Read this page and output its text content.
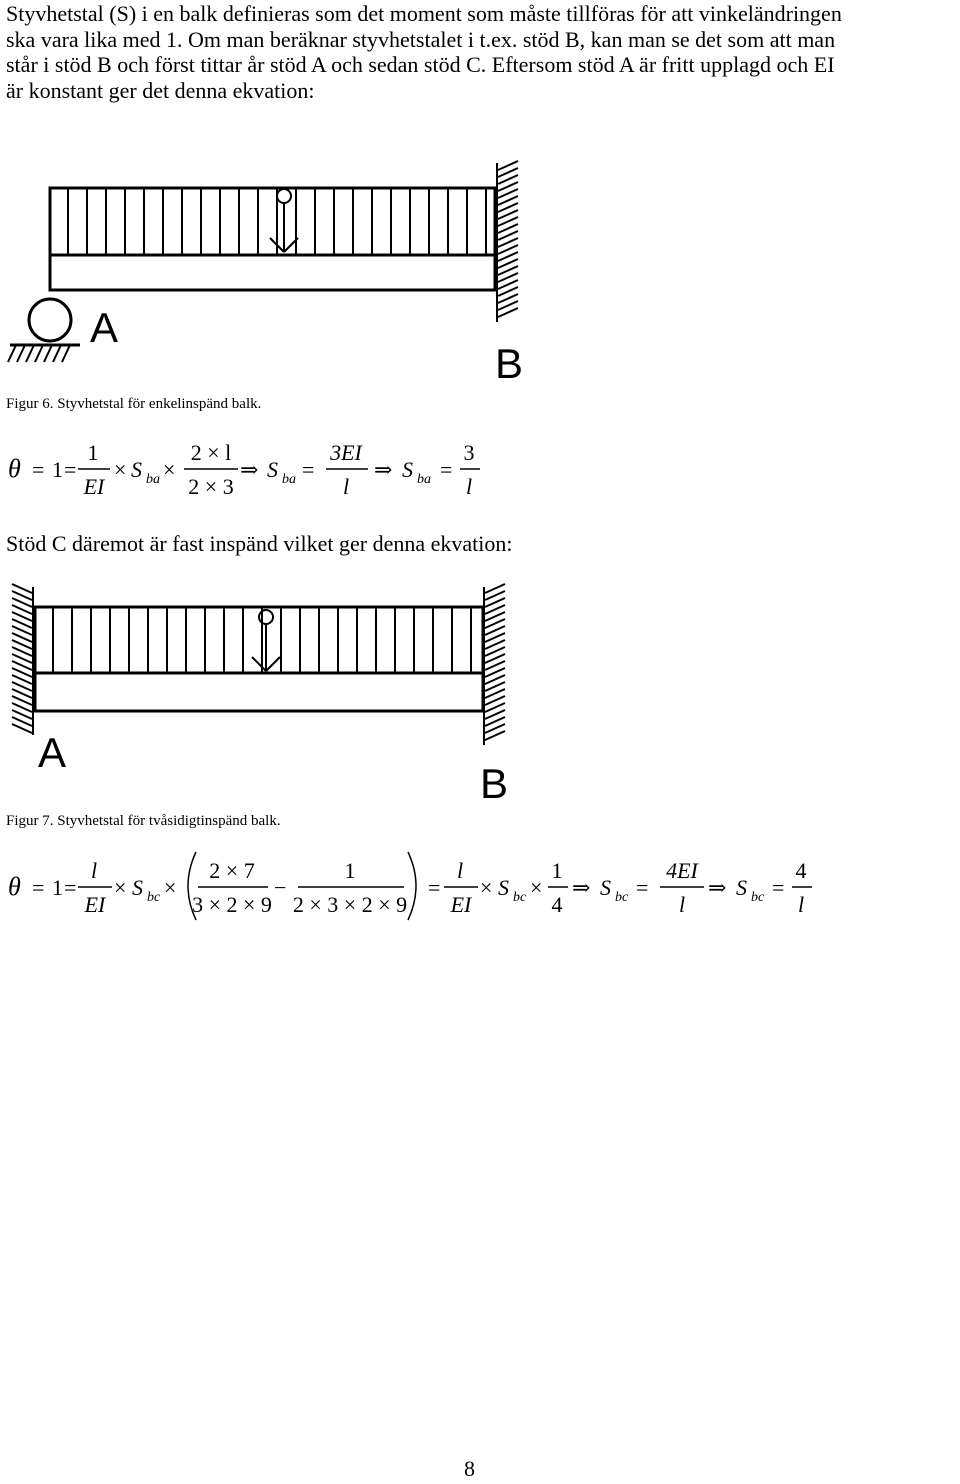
Styvhetstal (S) i en balk definieras som det moment som måste tillföras för att vinkeländringen
ska vara lika med 1. Om man beräknar styvhetstalet i t.ex. stöd B, kan man se det som att man
står i stöd B och först tittar år stöd A och sedan stöd C. Eftersom stöd A är fritt upplagd och EI
är konstant ger det denna ekvation:
A
B
Figur 6. Styvhetstal för enkelinspänd balk.
θ = 1 =
1
EI
× S ba ×
2 × l
2 × 3
⇒ S ba =
3EI
l
⇒ S ba =
3
l
Stöd C däremot är fast inspänd vilket ger denna ekvation:
A
B
Figur 7. Styvhetstal för tvåsidigtinspänd balk.
θ = 1 =
l
EI
× S bc ×
2 × 7
3 × 2 × 9
−
1
2 × 3 × 2 × 9
=
l
EI
× S bc ×
1
4
⇒ S bc =
4EI
l
⇒ S bc =
4
l
8
